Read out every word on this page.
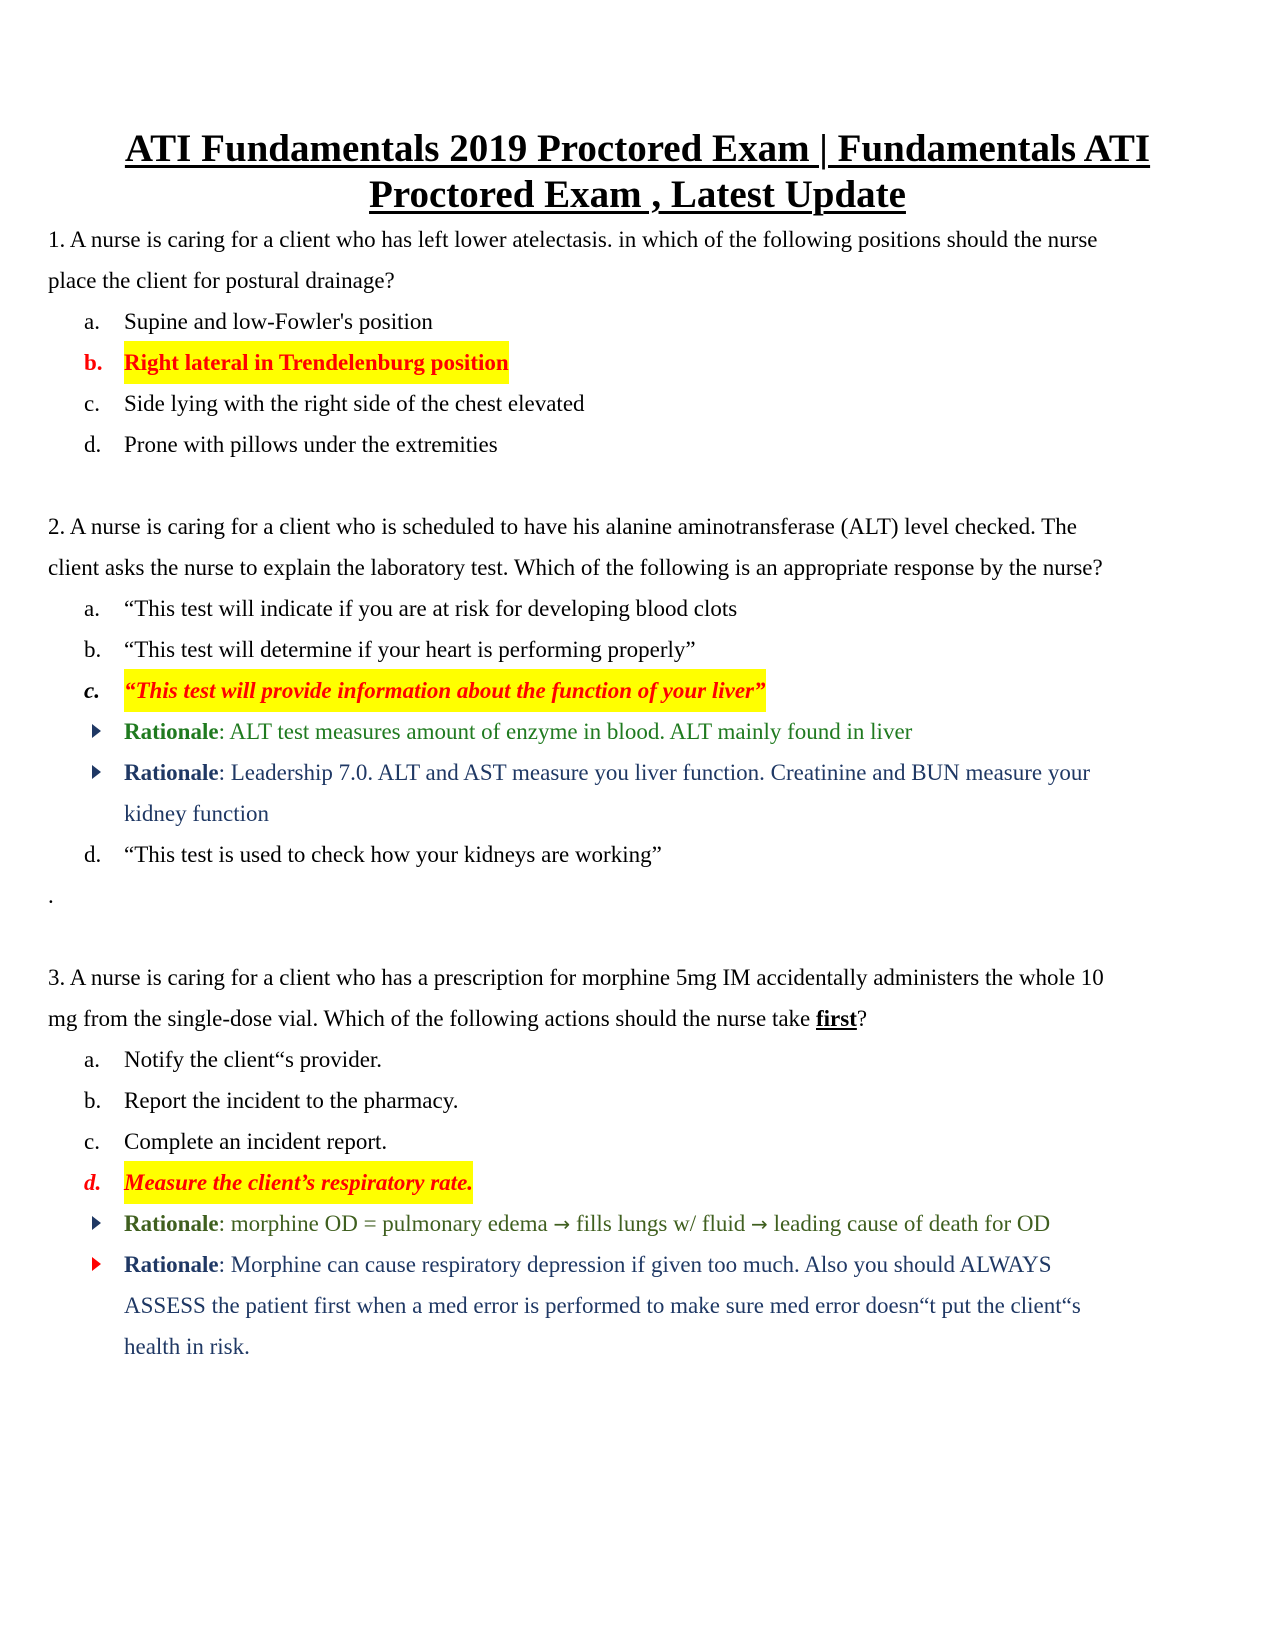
ATI Fundamentals 2019 Proctored Exam | Fundamentals ATI Proctored Exam , Latest Update
1. A nurse is caring for a client who has left lower atelectasis. in which of the following positions should the nurse
place the client for postural drainage?
a. Supine and low-Fowler's position
b. Right lateral in Trendelenburg position
c. Side lying with the right side of the chest elevated
d. Prone with pillows under the extremities
2. A nurse is caring for a client who is scheduled to have his alanine aminotransferase (ALT) level checked. The
client asks the nurse to explain the laboratory test. Which of the following is an appropriate response by the nurse?
a. “This test will indicate if you are at risk for developing blood clots
b. “This test will determine if your heart is performing properly”
c. “This test will provide information about the function of your liver”
Rationale: ALT test measures amount of enzyme in blood. ALT mainly found in liver
Rationale: Leadership 7.0. ALT and AST measure you liver function. Creatinine and BUN measure your
kidney function
d. “This test is used to check how your kidneys are working”
.
3. A nurse is caring for a client who has a prescription for morphine 5mg IM accidentally administers the whole 10
mg from the single-dose vial. Which of the following actions should the nurse take first?
a. Notify the client“s provider.
b. Report the incident to the pharmacy.
c. Complete an incident report.
d. Measure the client’s respiratory rate.
Rationale: morphine OD = pulmonary edema → fills lungs w/ fluid → leading cause of death for OD
Rationale: Morphine can cause respiratory depression if given too much. Also you should ALWAYS
ASSESS the patient first when a med error is performed to make sure med error doesn“t put the client“s
health in risk.
